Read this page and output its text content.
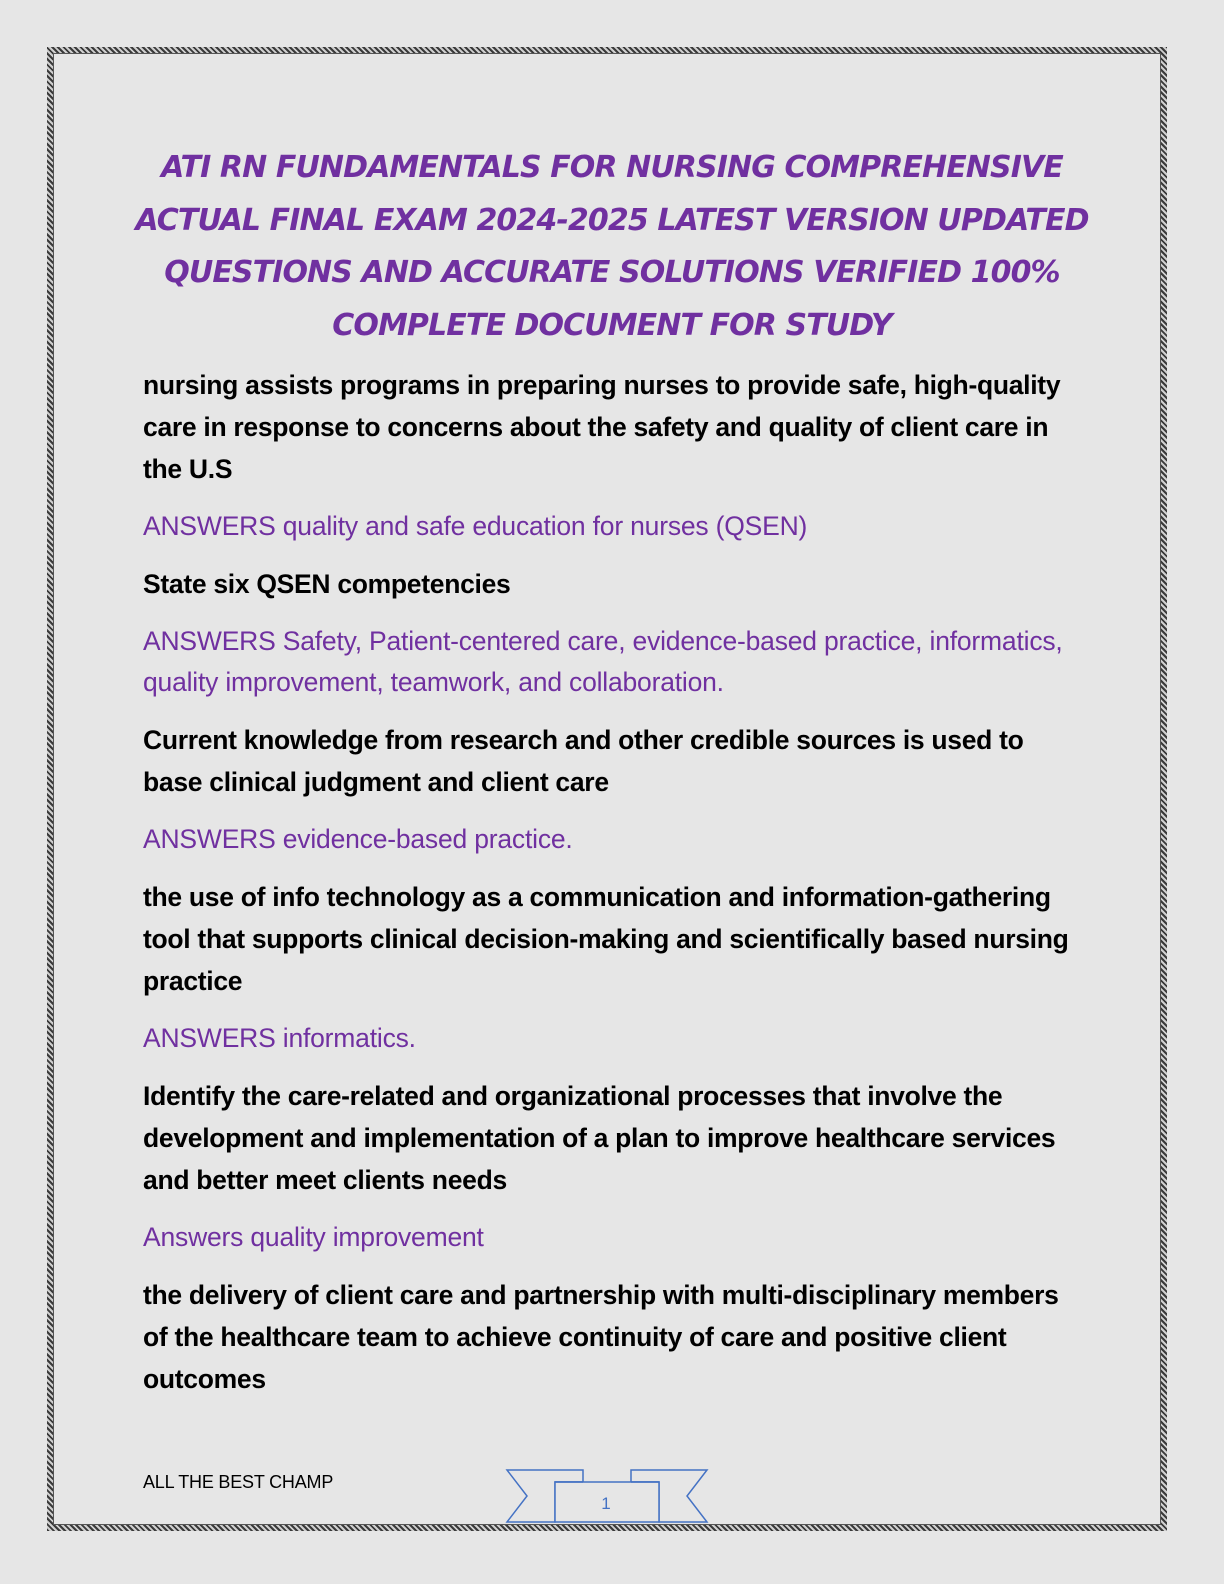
ATI RN FUNDAMENTALS FOR NURSING COMPREHENSIVE ACTUAL FINAL EXAM 2024-2025 LATEST VERSION UPDATED QUESTIONS AND ACCURATE SOLUTIONS VERIFIED 100% COMPLETE DOCUMENT FOR STUDY

nursing assists programs in preparing nurses to provide safe, high-quality care in response to concerns about the safety and quality of client care in the U.S

ANSWERS quality and safe education for nurses (QSEN)

State six QSEN competencies

ANSWERS Safety, Patient-centered care, evidence-based practice, informatics, quality improvement, teamwork, and collaboration.

Current knowledge from research and other credible sources is used to base clinical judgment and client care

ANSWERS evidence-based practice.

the use of info technology as a communication and information-gathering tool that supports clinical decision-making and scientifically based nursing practice

ANSWERS informatics.

Identify the care-related and organizational processes that involve the development and implementation of a plan to improve healthcare services and better meet clients needs

Answers quality improvement

the delivery of client care and partnership with multi-disciplinary members of the healthcare team to achieve continuity of care and positive client outcomes

ALL THE BEST CHAMP
1
